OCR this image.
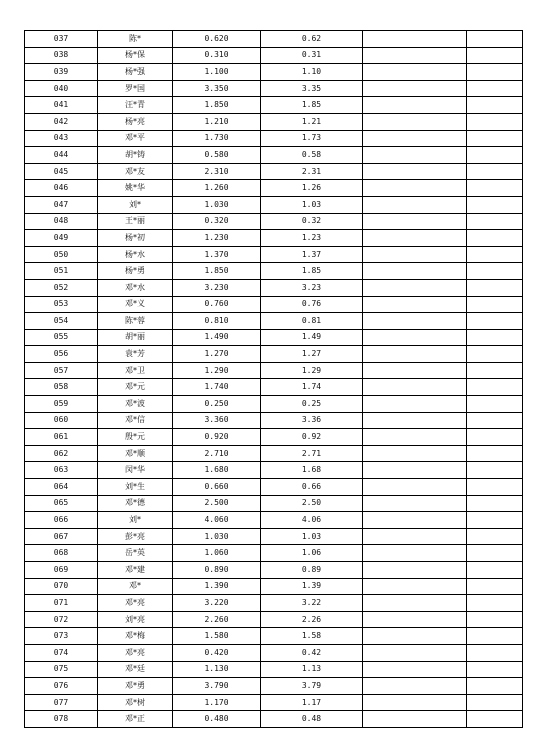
037	陈*	0.620	0.62		
038	杨*保	0.310	0.31		
039	杨*强	1.100	1.10		
040	罗*国	3.350	3.35		
041	汪*青	1.850	1.85		
042	杨*亮	1.210	1.21		
043	邓*平	1.730	1.73		
044	胡*铸	0.580	0.58		
045	邓*友	2.310	2.31		
046	姚*华	1.260	1.26		
047	刘*	1.030	1.03		
048	王*丽	0.320	0.32		
049	杨*初	1.230	1.23		
050	杨*水	1.370	1.37		
051	杨*勇	1.850	1.85		
052	邓*水	3.230	3.23		
053	邓*义	0.760	0.76		
054	陈*蓉	0.810	0.81		
055	胡*丽	1.490	1.49		
056	袁*芳	1.270	1.27		
057	邓*卫	1.290	1.29		
058	邓*元	1.740	1.74		
059	邓*波	0.250	0.25		
060	邓*信	3.360	3.36		
061	殷*元	0.920	0.92		
062	邓*顺	2.710	2.71		
063	闵*华	1.680	1.68		
064	刘*生	0.660	0.66		
065	邓*德	2.500	2.50		
066	刘*	4.060	4.06		
067	彭*亮	1.030	1.03		
068	岳*英	1.060	1.06		
069	邓*建	0.890	0.89		
070	邓*	1.390	1.39		
071	邓*亮	3.220	3.22		
072	刘*亮	2.260	2.26		
073	邓*梅	1.580	1.58		
074	邓*亮	0.420	0.42		
075	邓*廷	1.130	1.13		
076	邓*勇	3.790	3.79		
077	邓*树	1.170	1.17		
078	邓*正	0.480	0.48		
